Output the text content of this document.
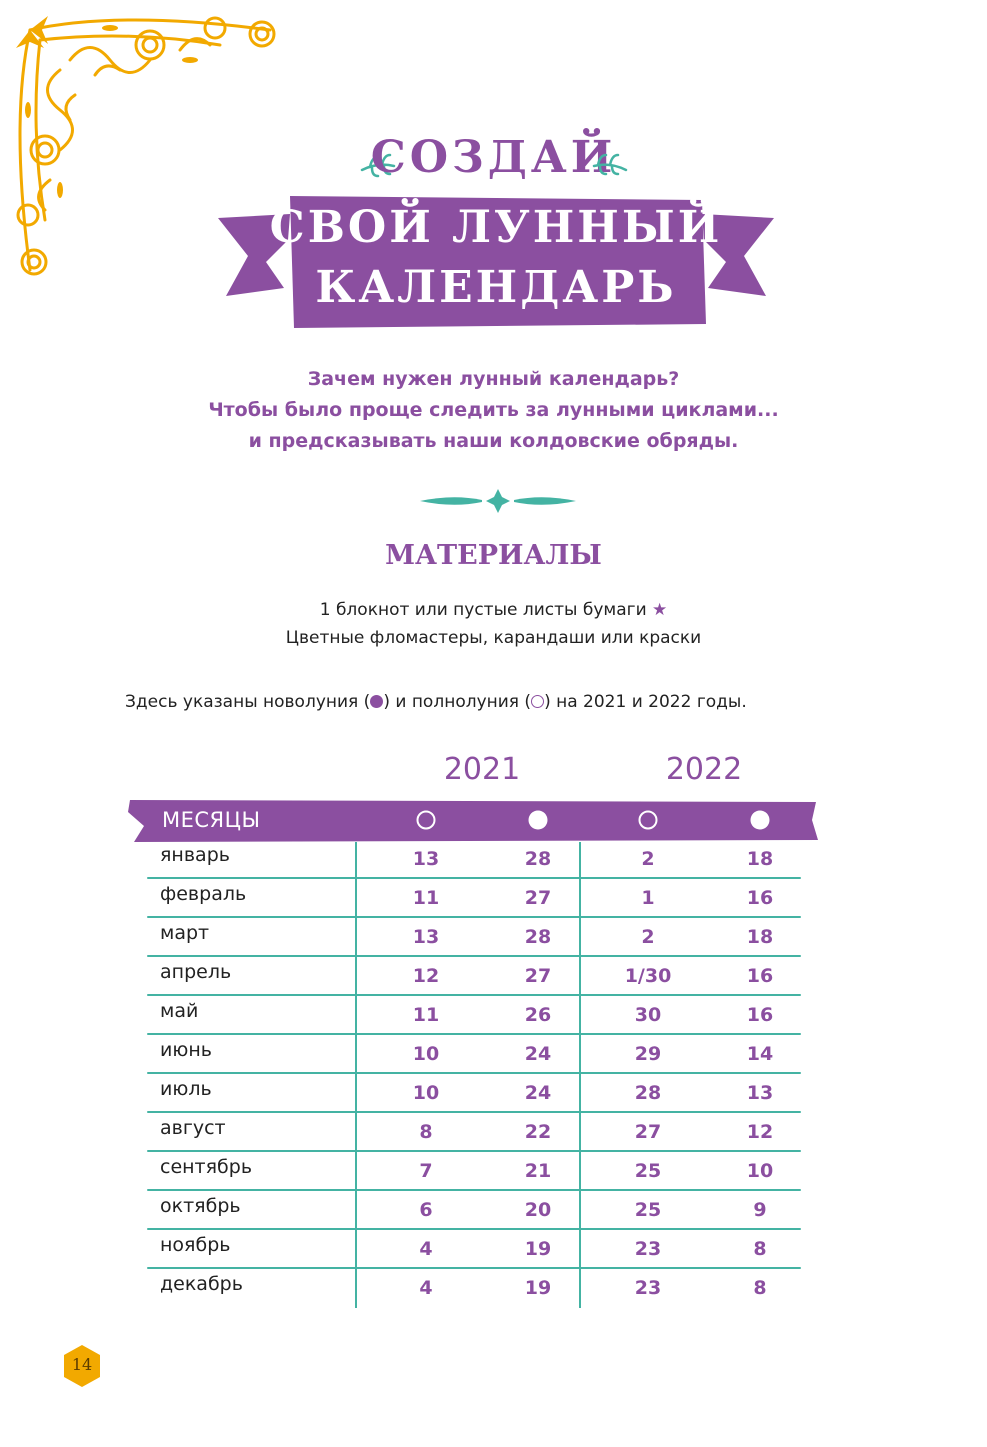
СОЗДАЙ
СВОЙ ЛУННЫЙ
КАЛЕНДАРЬ
Зачем нужен лунный календарь?
Чтобы было проще следить за лунными циклами...
и предсказывать наши колдовские обряды.
МАТЕРИАЛЫ
1 блокнот или пустые листы бумаги ★
Цветные фломастеры, карандаши или краски
Здесь указаны новолуния ( ) и полнолуния ( ) на 2021 и 2022 годы.
2021	2022
МЕСЯЦЫ
январь	13	28	2	18
февраль	11	27	1	16
март	13	28	2	18
апрель	12	27	1/30	16
май	11	26	30	16
июнь	10	24	29	14
июль	10	24	28	13
август	8	22	27	12
сентябрь	7	21	25	10
октябрь	6	20	25	9
ноябрь	4	19	23	8
декабрь	4	19	23	8
14
